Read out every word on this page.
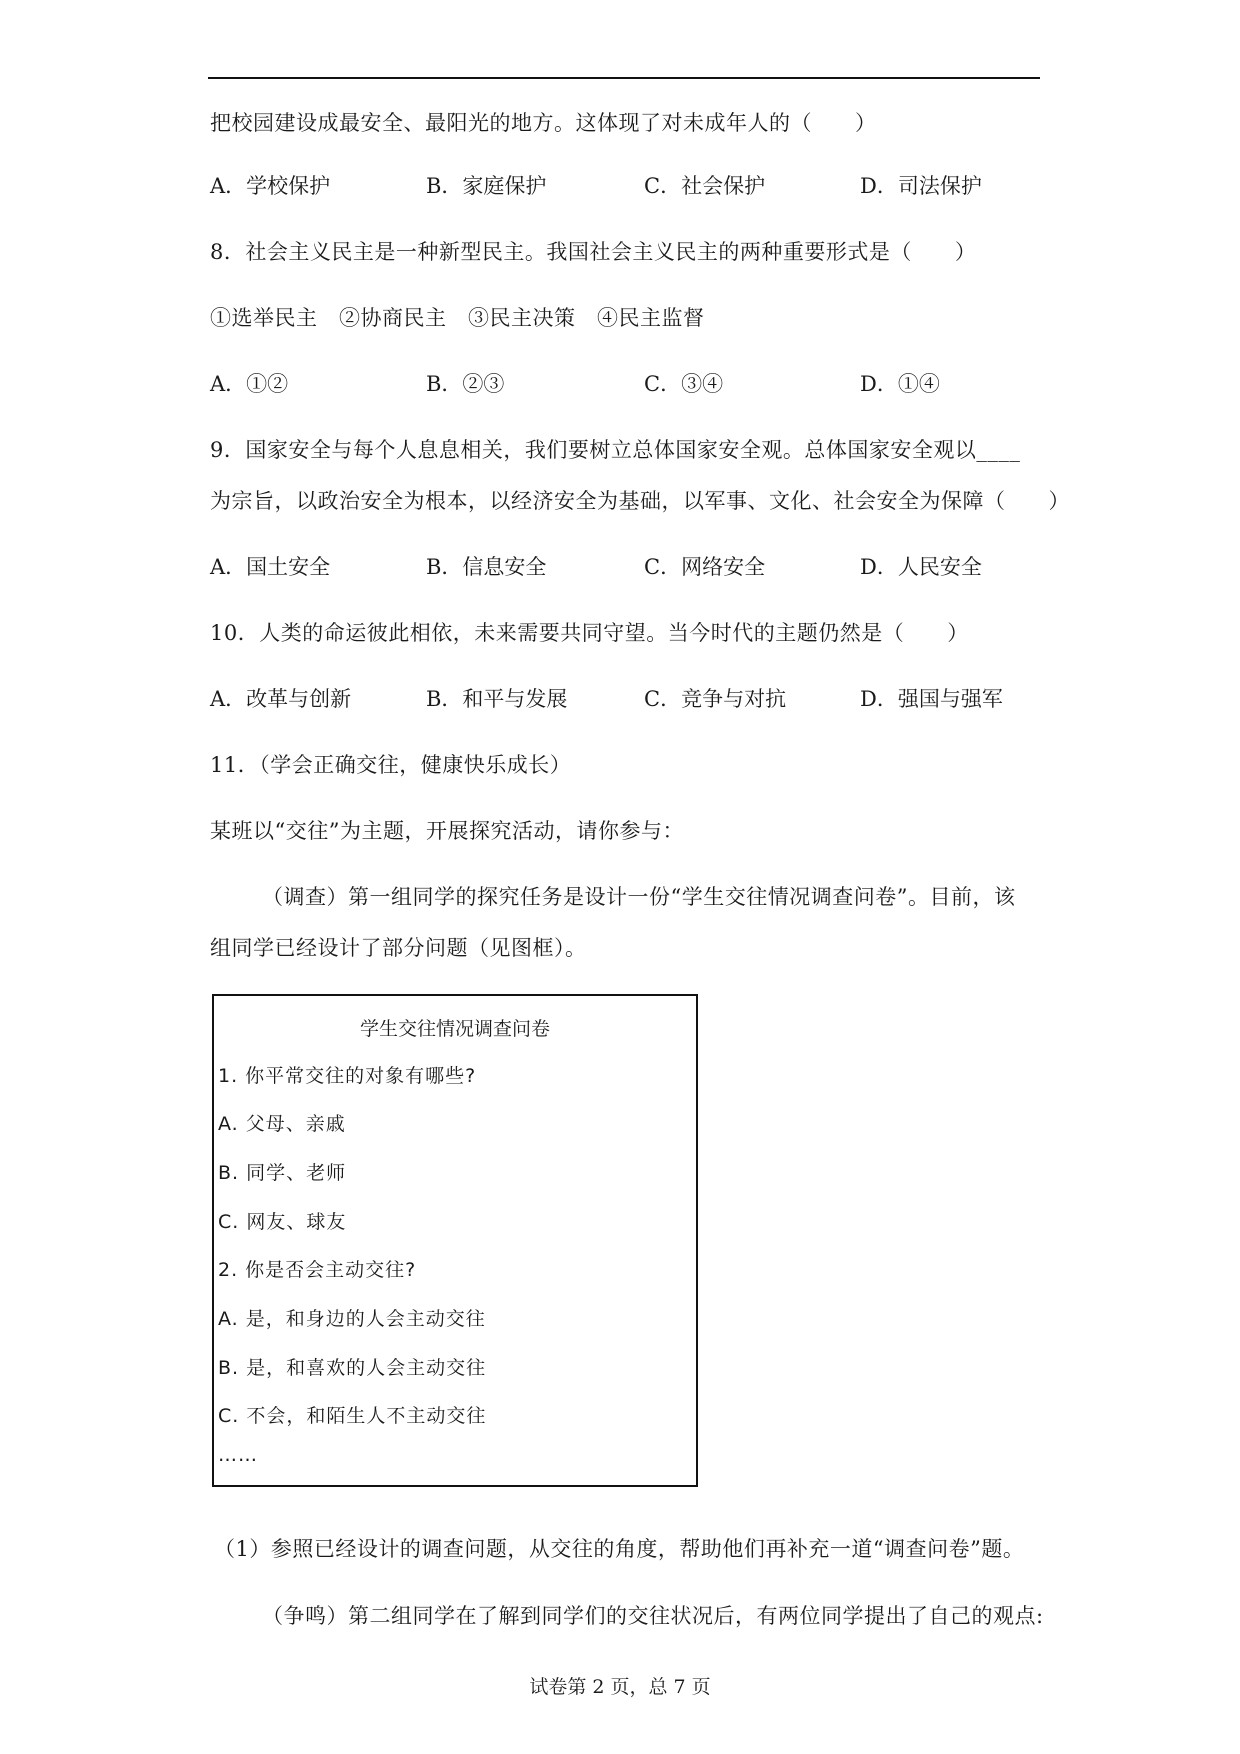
把校园建设成最安全、最阳光的地方。这体现了对未成年人的（　　）
A．学校保护	B．家庭保护	C．社会保护	D．司法保护
8．社会主义民主是一种新型民主。我国社会主义民主的两种重要形式是（　　）
①选举民主　②协商民主　③民主决策　④民主监督
A．①②	B．②③	C．③④	D．①④
9．国家安全与每个人息息相关，我们要树立总体国家安全观。总体国家安全观以____
为宗旨，以政治安全为根本，以经济安全为基础，以军事、文化、社会安全为保障（　　）
A．国土安全	B．信息安全	C．网络安全	D．人民安全
10．人类的命运彼此相依，未来需要共同守望。当今时代的主题仍然是（　　）
A．改革与创新	B．和平与发展	C．竞争与对抗	D．强国与强军
11．（学会正确交往，健康快乐成长）
某班以“交往”为主题，开展探究活动，请你参与：
（调查）第一组同学的探究任务是设计一份“学生交往情况调查问卷”。目前，该
组同学已经设计了部分问题（见图框）。
学生交往情况调查问卷
1. 你平常交往的对象有哪些?
A. 父母、亲戚
B. 同学、老师
C. 网友、球友
2. 你是否会主动交往?
A. 是，和身边的人会主动交往
B. 是，和喜欢的人会主动交往
C. 不会，和陌生人不主动交往
……
（1）参照已经设计的调查问题，从交往的角度，帮助他们再补充一道“调查问卷”题。
（争鸣）第二组同学在了解到同学们的交往状况后，有两位同学提出了自己的观点:
试卷第 2 页，总 7 页
